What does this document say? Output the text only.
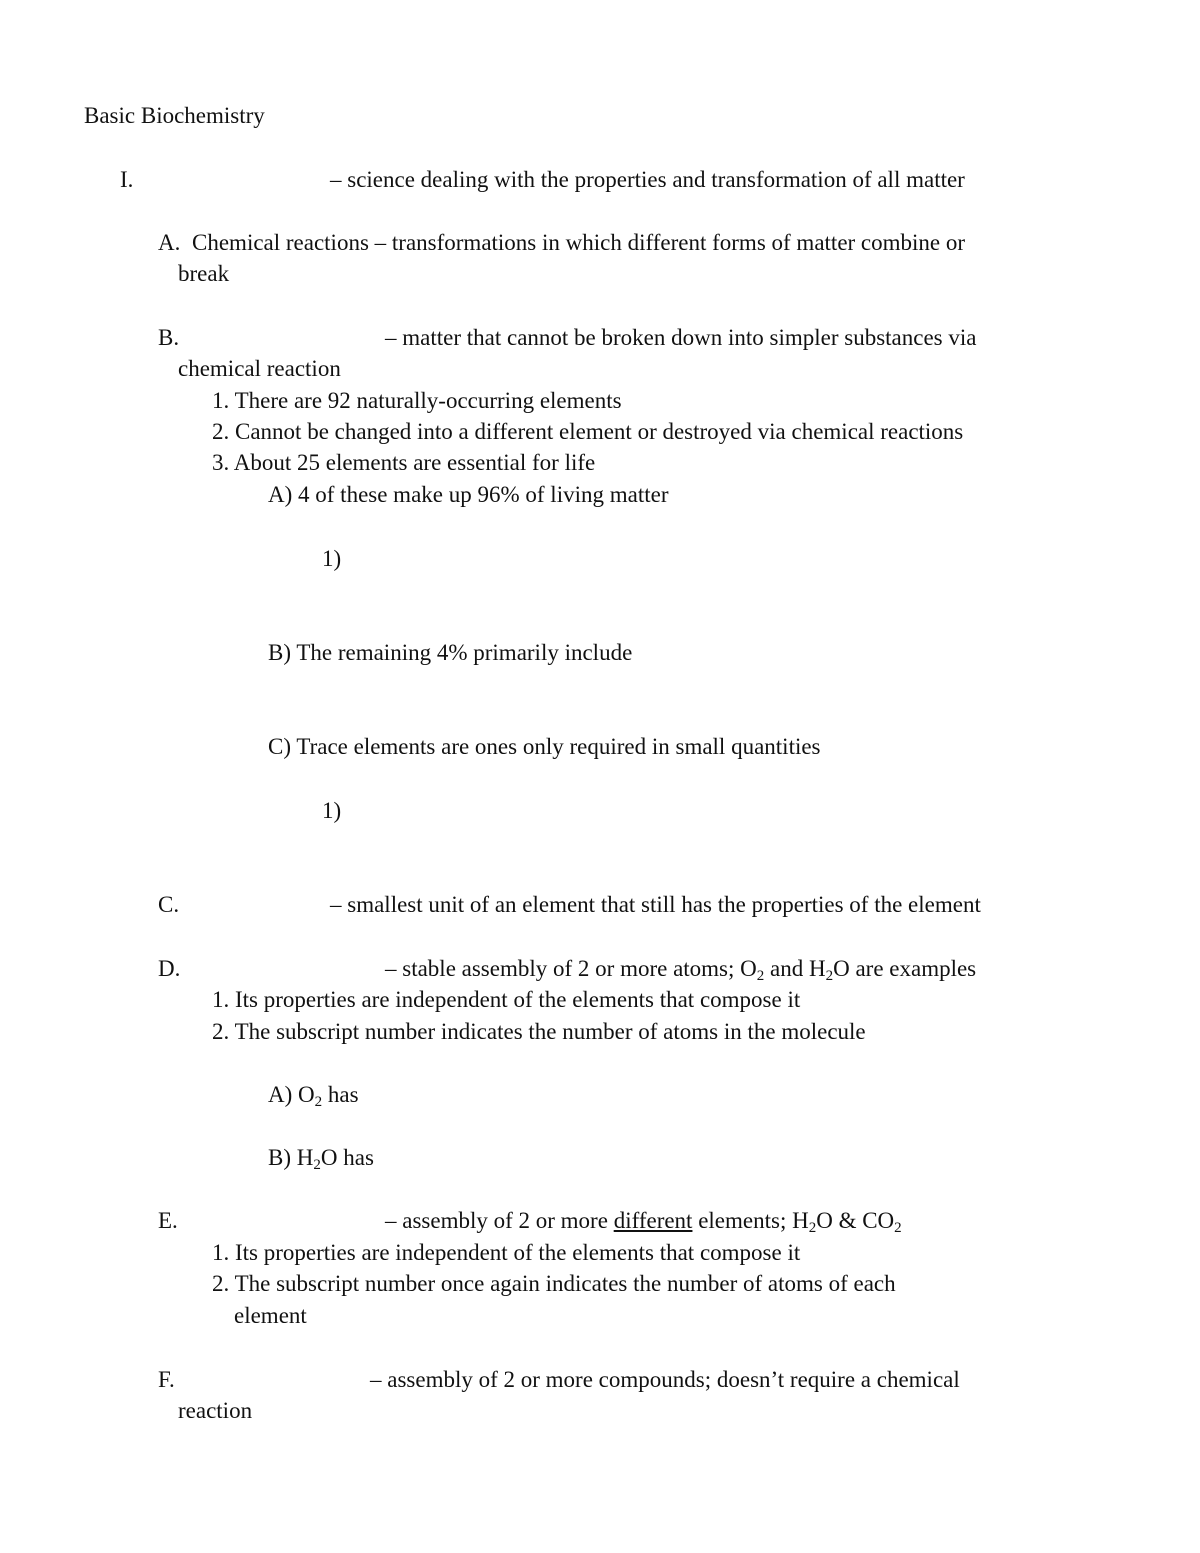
Basic Biochemistry
I.	– science dealing with the properties and transformation of all matter
A. Chemical reactions – transformations in which different forms of matter combine or
break
B.	– matter that cannot be broken down into simpler substances via
chemical reaction
1. There are 92 naturally-occurring elements
2. Cannot be changed into a different element or destroyed via chemical reactions
3. About 25 elements are essential for life
A) 4 of these make up 96% of living matter
1)
B) The remaining 4% primarily include
C) Trace elements are ones only required in small quantities
1)
C.	– smallest unit of an element that still has the properties of the element
D.	– stable assembly of 2 or more atoms; $O_2$ and $H_2O$ are examples
1. Its properties are independent of the elements that compose it
2. The subscript number indicates the number of atoms in the molecule
A) $O_2$ has
B) $H_2O$ has
E.	– assembly of 2 or more different elements; $H_2O$ & $CO_2$
1. Its properties are independent of the elements that compose it
2. The subscript number once again indicates the number of atoms of each
element
F.	– assembly of 2 or more compounds; doesn’t require a chemical
reaction
